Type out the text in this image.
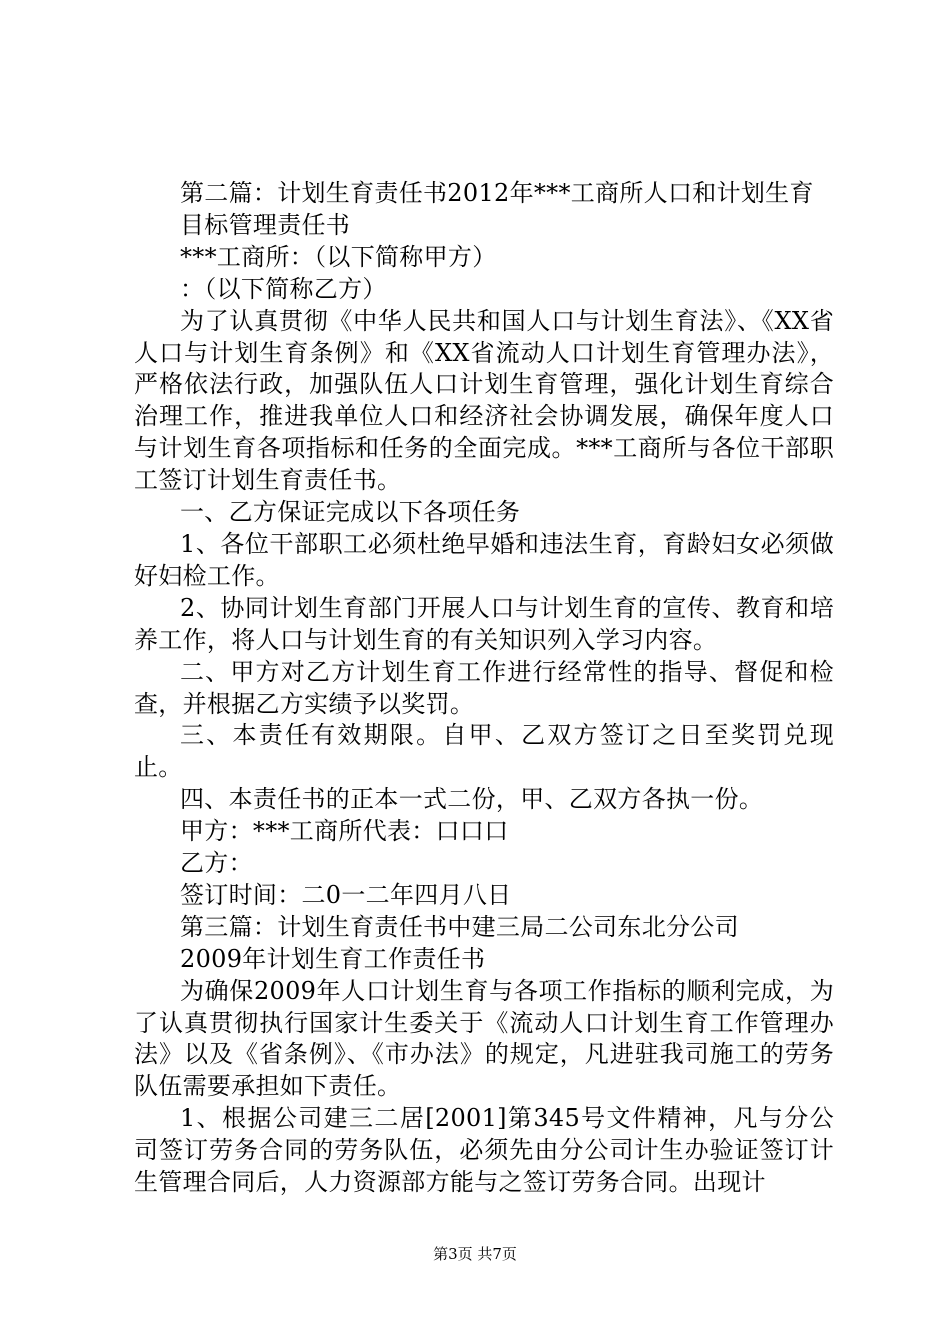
第二篇：计划生育责任书2012年***工商所人口和计划生育

目标管理责任书

***工商所：（以下简称甲方）

：（以下简称乙方）

为了认真贯彻《中华人民共和国人口与计划生育法》、《XX省人口与计划生育条例》和《XX省流动人口计划生育管理办法》，严格依法行政，加强队伍人口计划生育管理，强化计划生育综合治理工作，推进我单位人口和经济社会协调发展，确保年度人口与计划生育各项指标和任务的全面完成。***工商所与各位干部职工签订计划生育责任书。

一、乙方保证完成以下各项任务

1、各位干部职工必须杜绝早婚和违法生育，育龄妇女必须做好妇检工作。

2、协同计划生育部门开展人口与计划生育的宣传、教育和培养工作，将人口与计划生育的有关知识列入学习内容。

二、甲方对乙方计划生育工作进行经常性的指导、督促和检查，并根据乙方实绩予以奖罚。

三、本责任有效期限。自甲、乙双方签订之日至奖罚兑现止。

四、本责任书的正本一式二份，甲、乙双方各执一份。

甲方：***工商所代表：口口口

乙方：

签订时间：二0一二年四月八日

第三篇：计划生育责任书中建三局二公司东北分公司

2009年计划生育工作责任书

为确保2009年人口计划生育与各项工作指标的顺利完成，为了认真贯彻执行国家计生委关于《流动人口计划生育工作管理办法》以及《省条例》、《市办法》的规定，凡进驻我司施工的劳务队伍需要承担如下责任。

1、根据公司建三二居[2001]第345号文件精神，凡与分公司签订劳务合同的劳务队伍，必须先由分公司计生办验证签订计生管理合同后，人力资源部方能与之签订劳务合同。出现计

第3页 共7页
